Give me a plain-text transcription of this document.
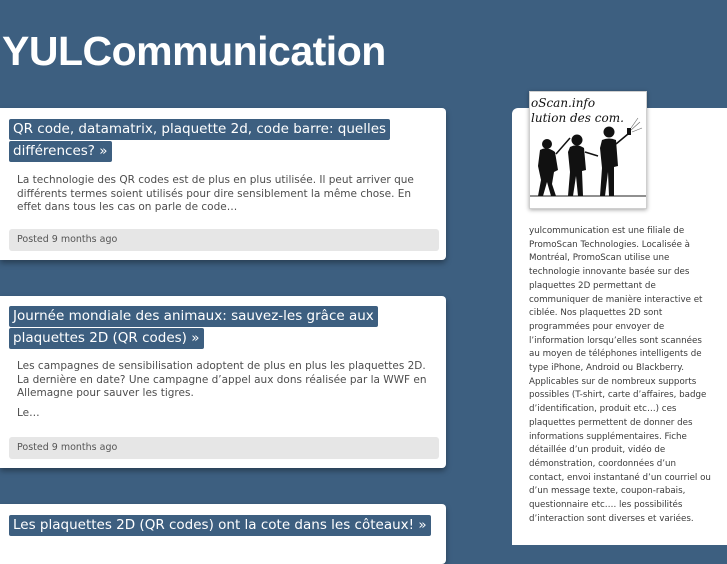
YULCommunication
QR code, datamatrix, plaquette 2d, code barre: quelles différences? »

La technologie des QR codes est de plus en plus utilisée. Il peut arriver que différents termes soient utilisés pour dire sensiblement la même chose. En effet dans tous les cas on parle de code…

Posted 9 months ago
Journée mondiale des animaux: sauvez-les grâce aux plaquettes 2D (QR codes) »

Les campagnes de sensibilisation adoptent de plus en plus les plaquettes 2D. La dernière en date? Une campagne d’appel aux dons réalisée par la WWF en Allemagne pour sauver les tigres.

Le…

Posted 9 months ago
Les plaquettes 2D (QR codes) ont la cote dans les côteaux! »
oScan.info
lution des com.

yulcommunication est une filiale de PromoScan Technologies. Localisée à Montréal, PromoScan utilise une technologie innovante basée sur des plaquettes 2D permettant de communiquer de manière interactive et ciblée. Nos plaquettes 2D sont programmées pour envoyer de l’information lorsqu’elles sont scannées au moyen de téléphones intelligents de type iPhone, Android ou Blackberry. Applicables sur de nombreux supports possibles (T-shirt, carte d’affaires, badge d’identification, produit etc…) ces plaquettes permettent de donner des informations supplémentaires. Fiche détaillée d’un produit, vidéo de démonstration, coordonnées d’un contact, envoi instantané d’un courriel ou d’un message texte, coupon-rabais, questionnaire etc…. les possibilités d’interaction sont diverses et variées.
